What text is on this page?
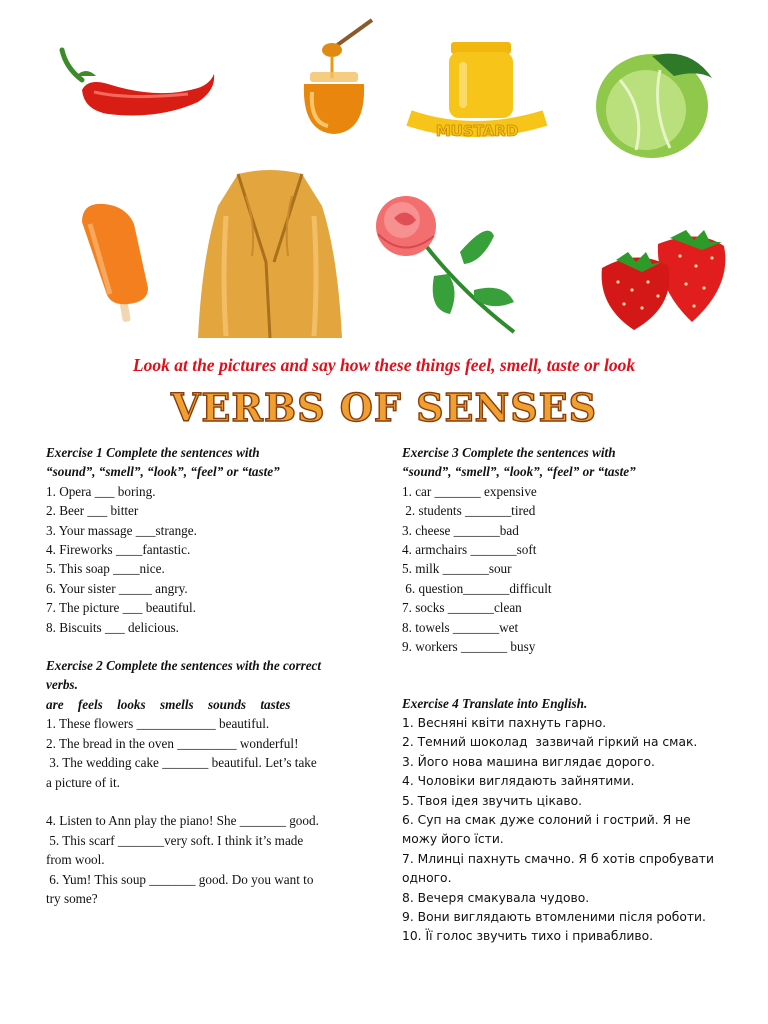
MUSTARD
Look at the pictures and say how these things feel, smell, taste or look
VERBS OF SENSES
Exercise 1 Complete the sentences with
“sound”, “smell”, “look”, “feel” or “taste”
1. Opera ___ boring.
2. Beer ___ bitter
3. Your massage ___strange.
4. Fireworks ____fantastic.
5. This soap ____nice.
6. Your sister _____ angry.
7. The picture ___ beautiful.
8. Biscuits ___ delicious.
Exercise 2 Complete the sentences with the correct
verbs.
are feels looks smells sounds tastes
1. These flowers ____________ beautiful.
2. The bread in the oven _________ wonderful!
3. The wedding cake _______ beautiful. Let’s take
a picture of it.

4. Listen to Ann play the piano! She _______ good.
5. This scarf _______very soft. I think it’s made
from wool.
6. Yum! This soup _______ good. Do you want to
try some?
Exercise 3 Complete the sentences with
“sound”, “smell”, “look”, “feel” or “taste”
1. car _______ expensive
2. students _______tired
3. cheese _______bad
4. armchairs _______soft
5. milk _______sour
6. question_______difficult
7. socks _______clean
8. towels _______wet
9. workers _______ busy
Exercise 4 Translate into English.
1. Весняні квіти пахнуть гарно.
2. Темний шоколад  зазвичай гіркий на смак.
3. Його нова машина виглядає дорого.
4. Чоловіки виглядають зайнятими.
5. Твоя ідея звучить цікаво.
6. Суп на смак дуже солоний і гострий. Я не
можу його їсти.
7. Млинці пахнуть смачно. Я б хотів спробувати
одного.
8. Вечеря смакувала чудово.
9. Вони виглядають втомленими після роботи.
10. Її голос звучить тихо і привабливо.
